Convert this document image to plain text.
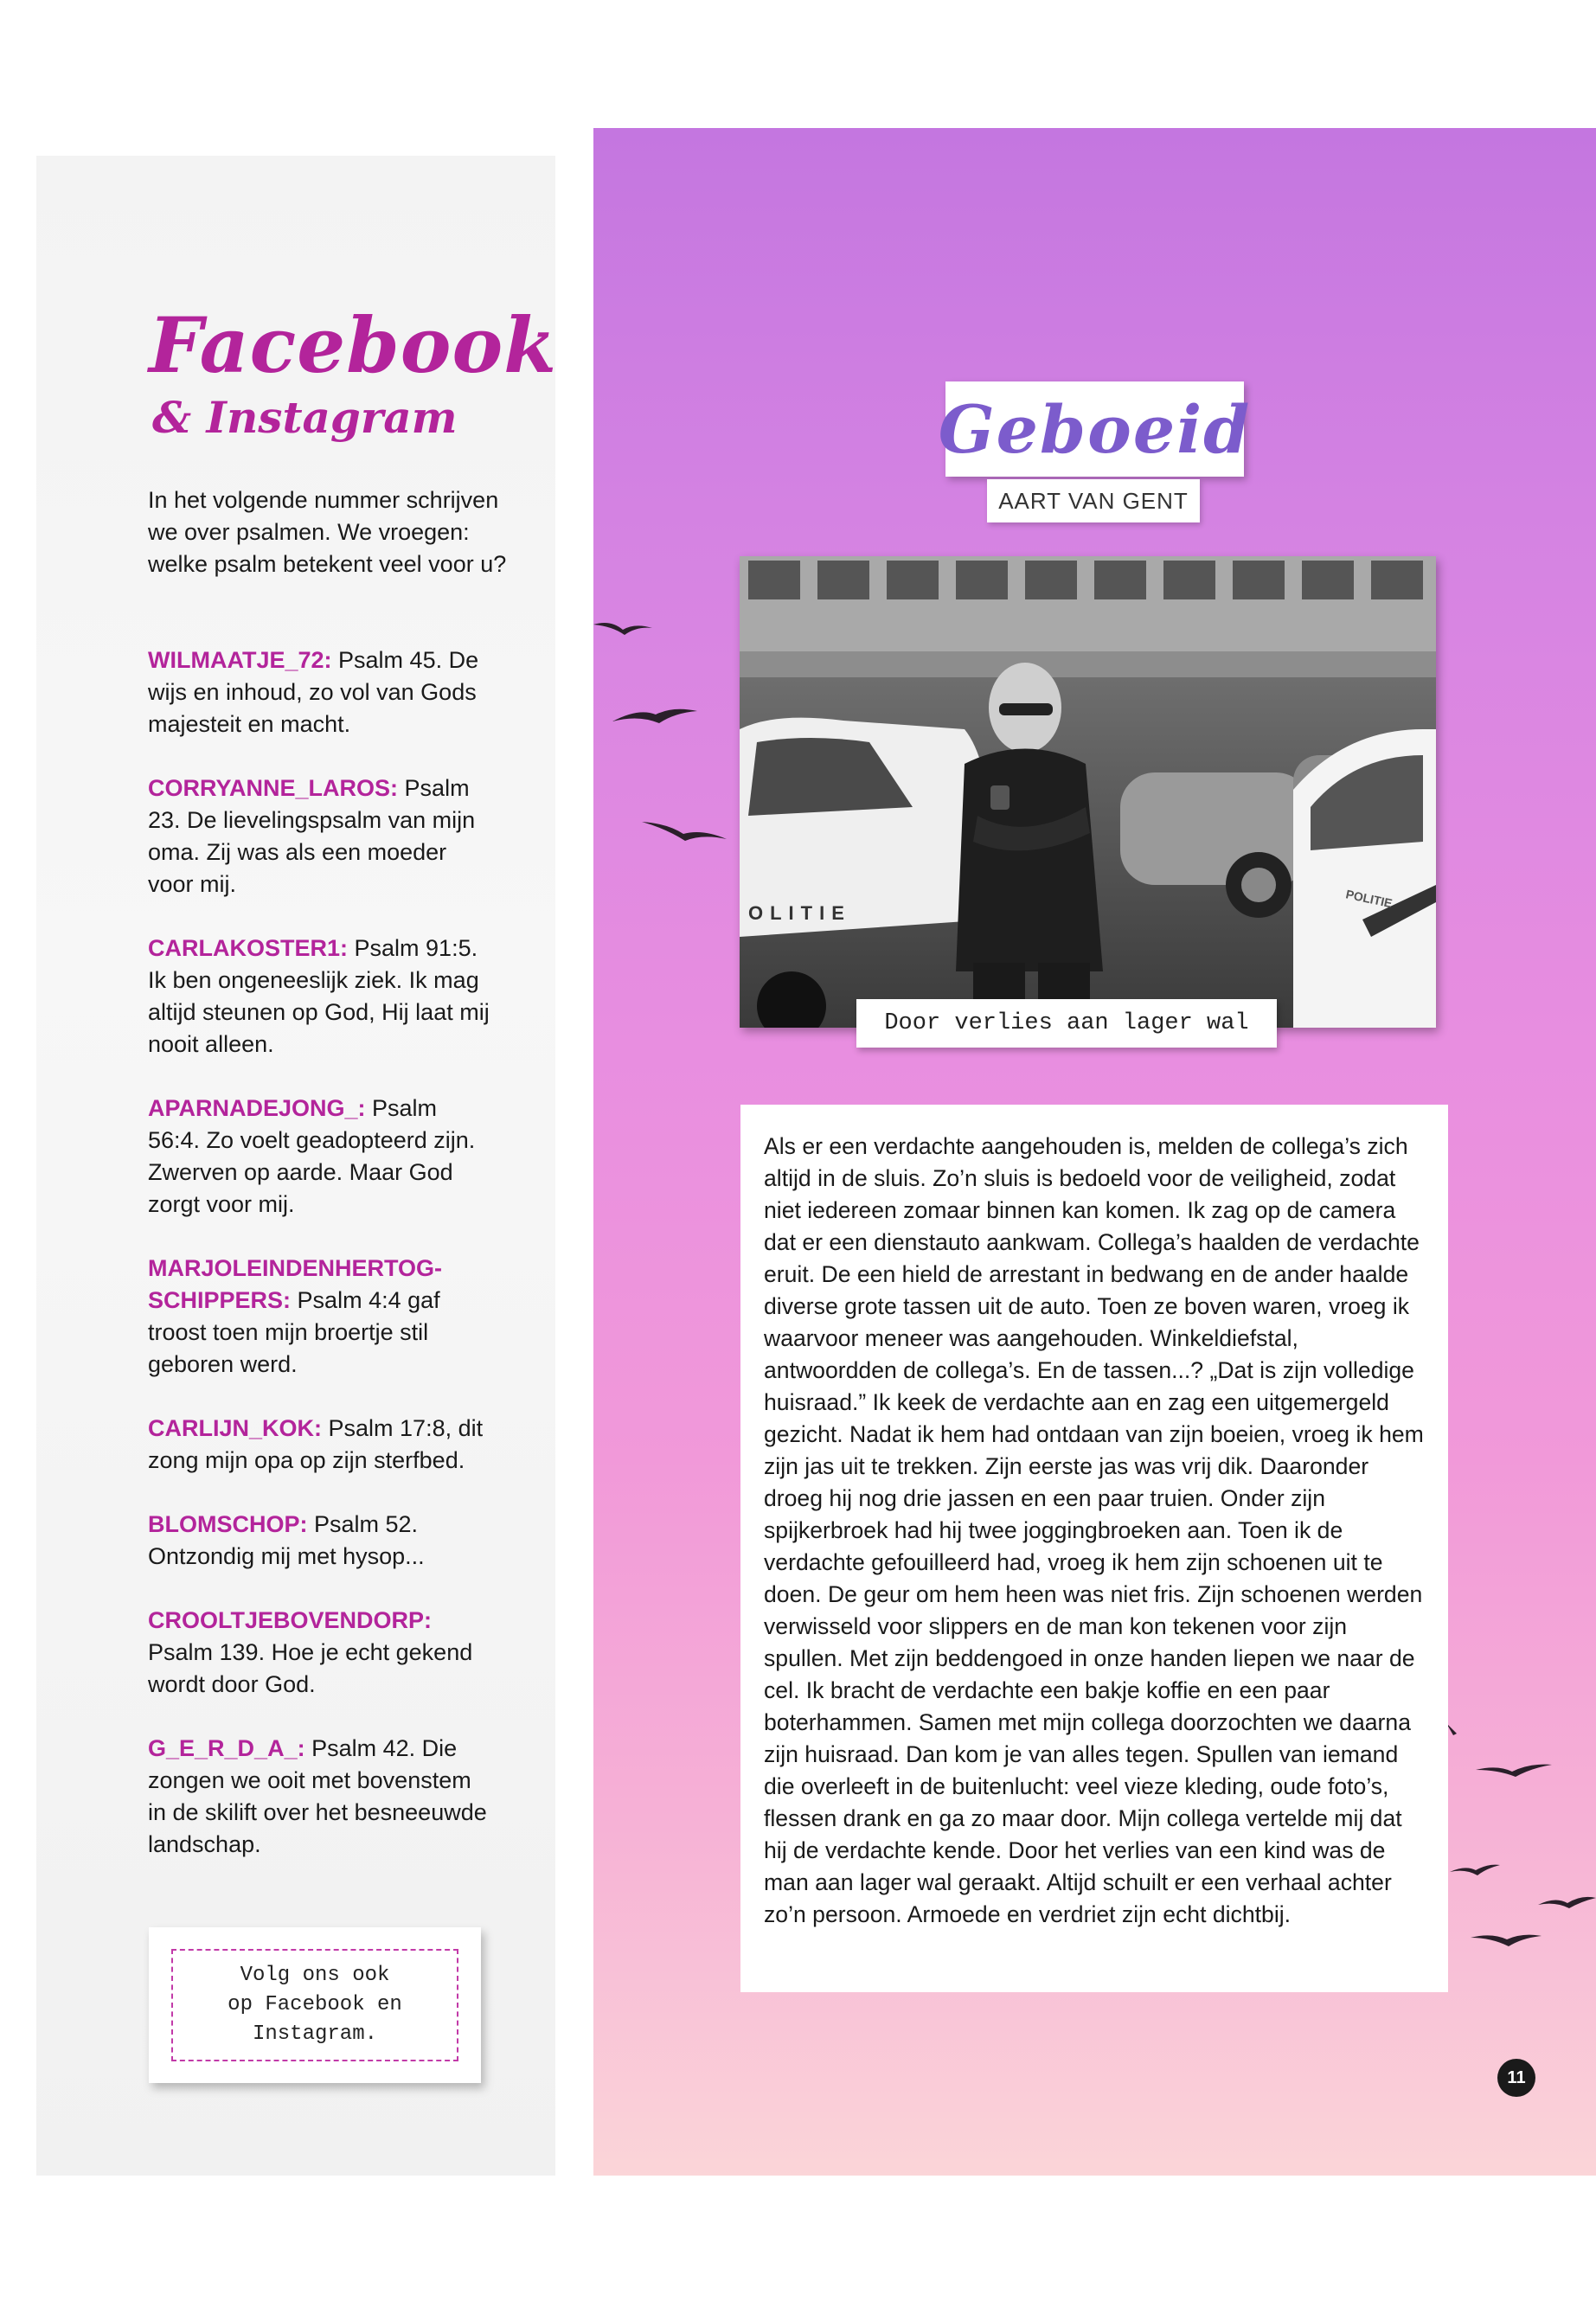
Facebook
& Instagram

In het volgende nummer schrijven we over psalmen. We vroegen: welke psalm betekent veel voor u?

WILMAATJE_72: Psalm 45. De wijs en inhoud, zo vol van Gods majesteit en macht.

CORRYANNE_LAROS: Psalm 23. De lievelingspsalm van mijn oma. Zij was als een moeder voor mij.

CARLAKOSTER1: Psalm 91:5. Ik ben ongeneeslijk ziek. Ik mag altijd steunen op God, Hij laat mij nooit alleen.

APARNADEJONG_: Psalm 56:4. Zo voelt geadopteerd zijn. Zwerven op aarde. Maar God zorgt voor mij.

MARJOLEINDENHERTOG-SCHIPPERS: Psalm 4:4 gaf troost toen mijn broertje stil geboren werd.

CARLIJN_KOK: Psalm 17:8, dit zong mijn opa op zijn sterfbed.

BLOMSCHOP: Psalm 52. Ontzondig mij met hysop...

CROOLTJEBOVENDORP: Psalm 139. Hoe je echt gekend wordt door God.

G_E_R_D_A_: Psalm 42. Die zongen we ooit met bovenstem in de skilift over het besneeuwde landschap.

Volg ons ook
op Facebook en
Instagram.
Geboeid
AART VAN GENT
OLITIE
POLITIE
Door verlies aan lager wal

Als er een verdachte aangehouden is, melden de collega’s zich altijd in de sluis. Zo’n sluis is bedoeld voor de veiligheid, zodat niet iedereen zomaar binnen kan komen. Ik zag op de camera dat er een dienstauto aankwam. Collega’s haalden de verdachte eruit. De een hield de arrestant in bedwang en de ander haalde diverse grote tassen uit de auto. Toen ze boven waren, vroeg ik waarvoor meneer was aangehouden. Winkeldiefstal, antwoordden de collega’s. En de tassen...? „Dat is zijn volledige huisraad.” Ik keek de verdachte aan en zag een uitgemergeld gezicht. Nadat ik hem had ontdaan van zijn boeien, vroeg ik hem zijn jas uit te trekken. Zijn eerste jas was vrij dik. Daaronder droeg hij nog drie jassen en een paar truien. Onder zijn spijkerbroek had hij twee joggingbroeken aan. Toen ik de verdachte gefouilleerd had, vroeg ik hem zijn schoenen uit te doen. De geur om hem heen was niet fris. Zijn schoenen werden verwisseld voor slippers en de man kon tekenen voor zijn spullen. Met zijn beddengoed in onze handen liepen we naar de cel. Ik bracht de verdachte een bakje koffie en een paar boterhammen. Samen met mijn collega doorzochten we daarna zijn huisraad. Dan kom je van alles tegen. Spullen van iemand die overleeft in de buitenlucht: veel vieze kleding, oude foto’s, flessen drank en ga zo maar door. Mijn collega vertelde mij dat hij de verdachte kende. Door het verlies van een kind was de man aan lager wal geraakt. Altijd schuilt er een verhaal achter zo’n persoon. Armoede en verdriet zijn echt dichtbij.

11
